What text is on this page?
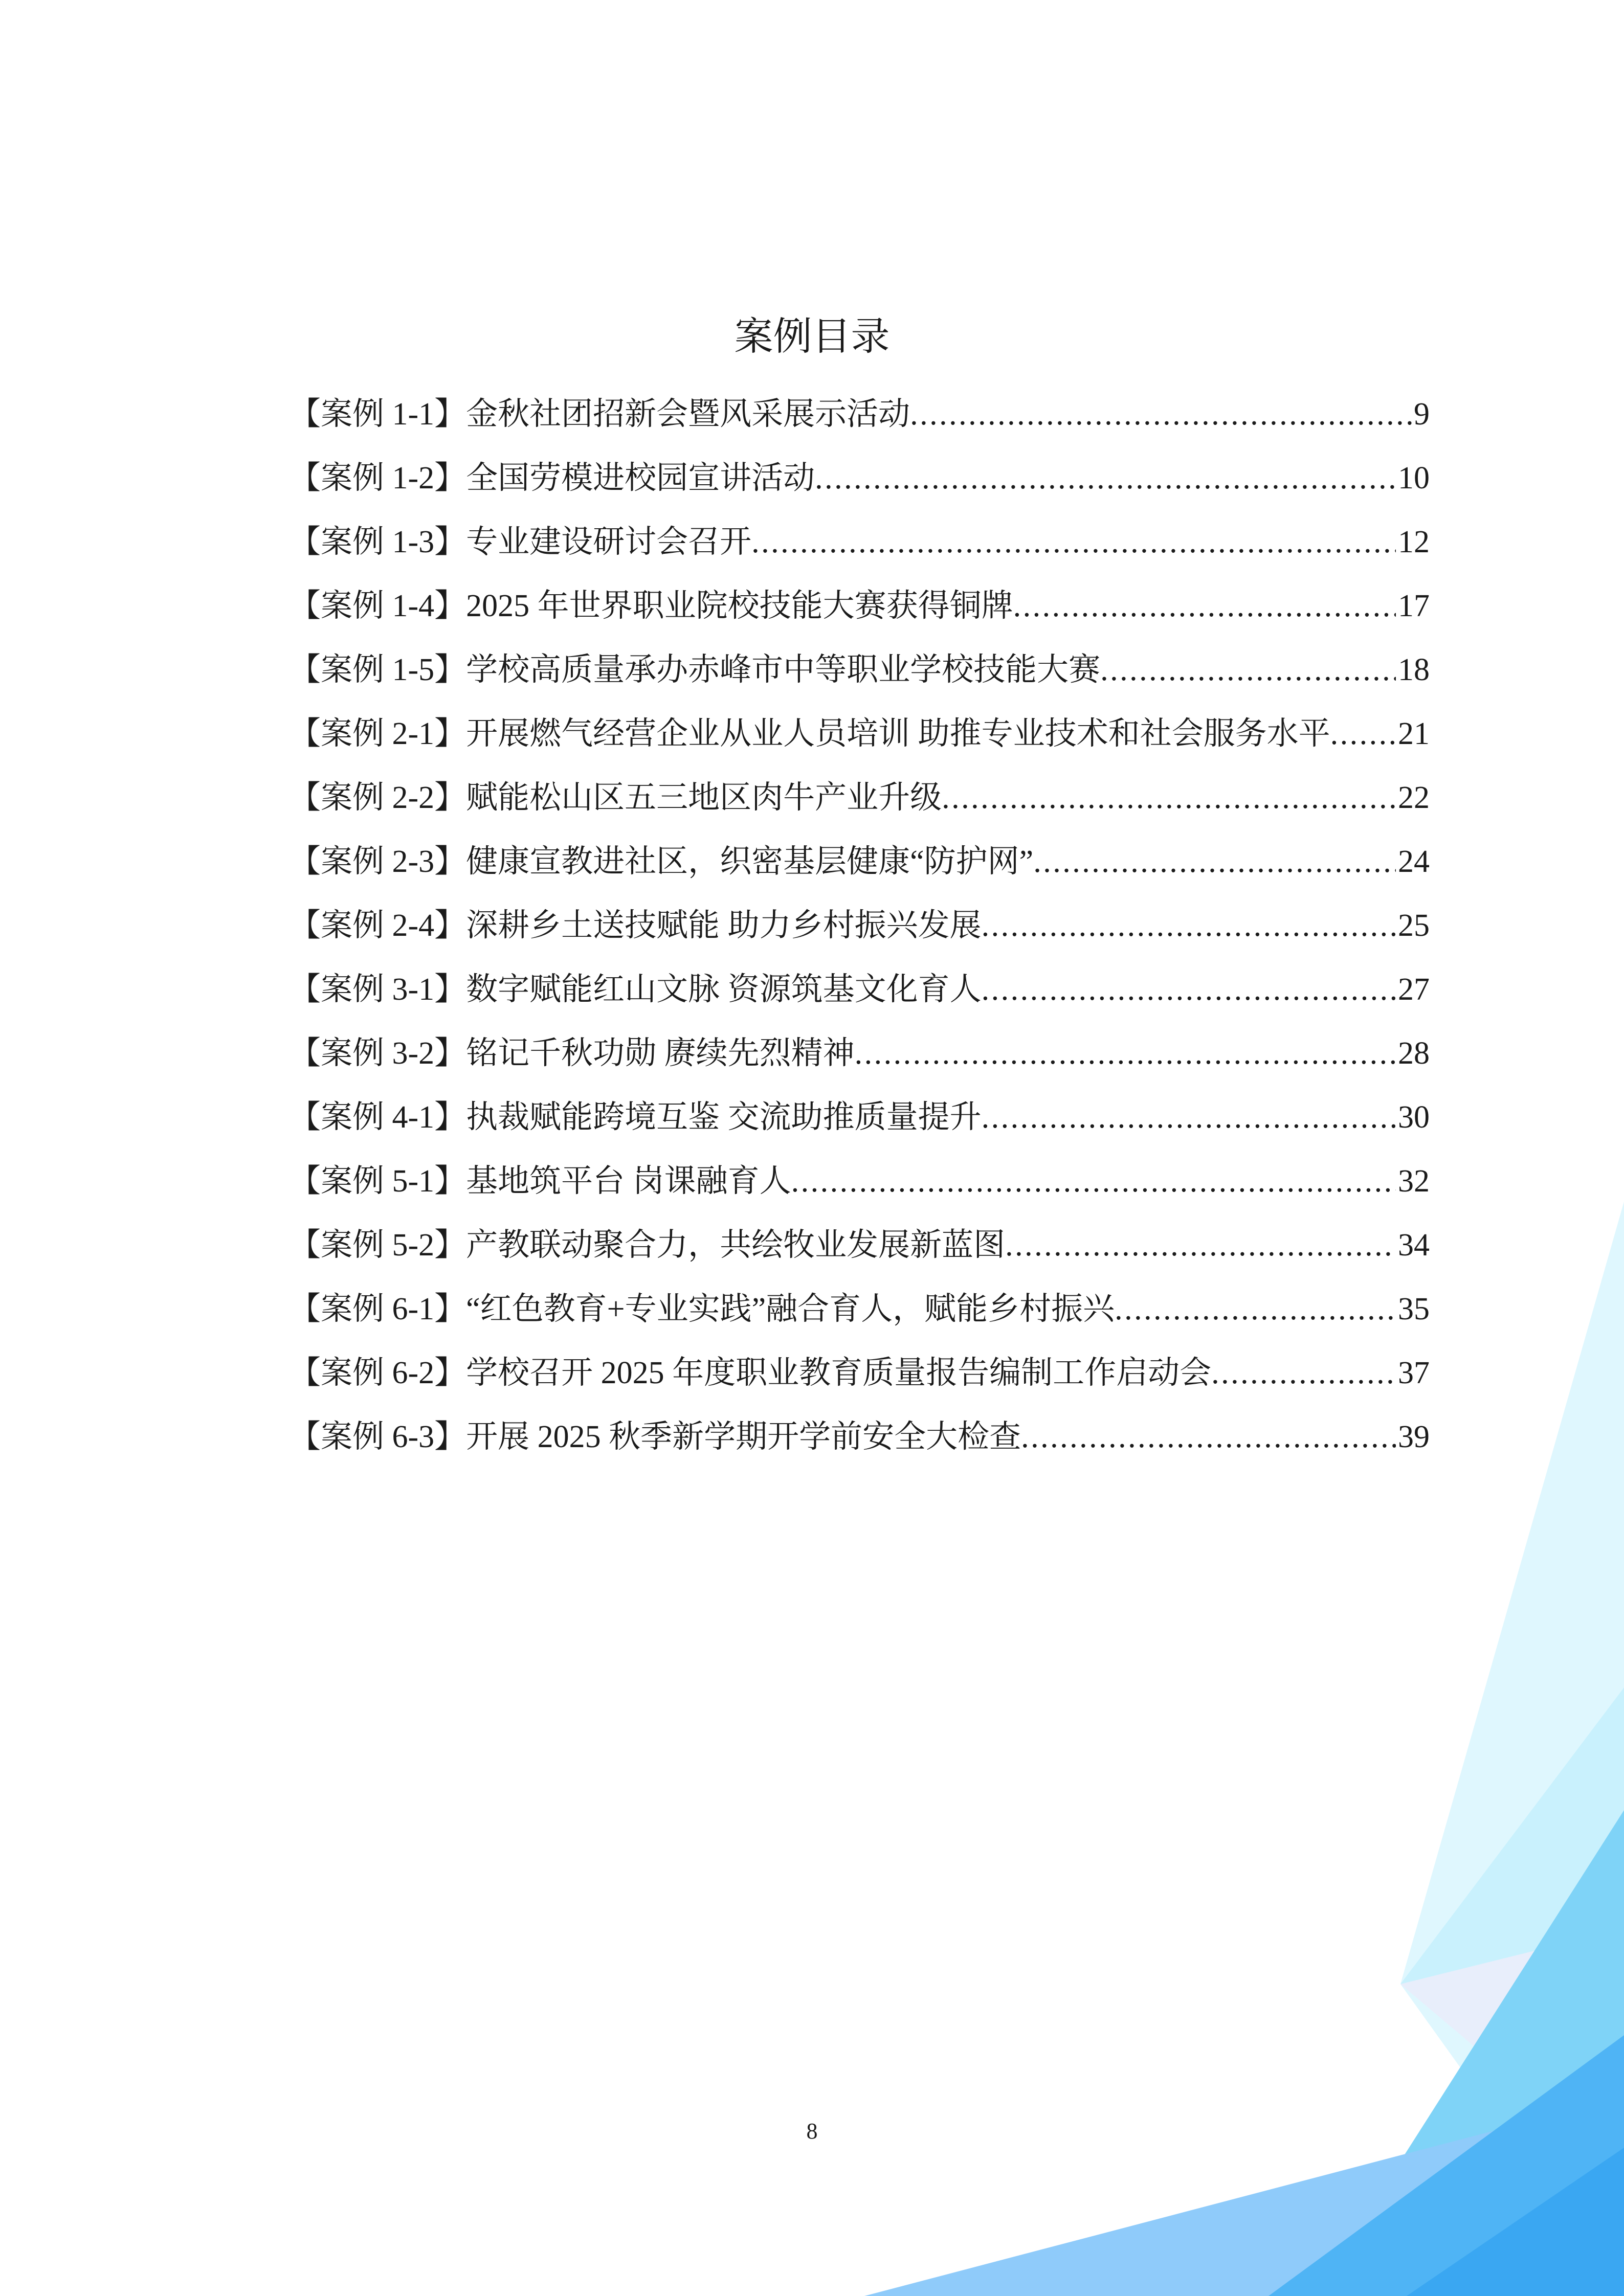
案例目录
【案例 1-1】金秋社团招新会暨风采展示活动 . . .	9
【案例 1-2】全国劳模进校园宣讲活动 . . .	10
【案例 1-3】专业建设研讨会召开 . . .	12
【案例 1-4】2025 年世界职业院校技能大赛获得铜牌 . . .	17
【案例 1-5】学校高质量承办赤峰市中等职业学校技能大赛 . . .	18
【案例 2-1】开展燃气经营企业从业人员培训 助推专业技术和社会服务水平 . . . 21
【案例 2-2】赋能松山区五三地区肉牛产业升级 . . .	22
【案例 2-3】健康宣教进社区，织密基层健康“防护网” . . .	24
【案例 2-4】深耕乡土送技赋能 助力乡村振兴发展 . . .	25
【案例 3-1】数字赋能红山文脉 资源筑基文化育人 . . .	27
【案例 3-2】铭记千秋功勋 赓续先烈精神 . . .	28
【案例 4-1】执裁赋能跨境互鉴 交流助推质量提升 . . .	30
【案例 5-1】基地筑平台 岗课融育人 . . .	32
【案例 5-2】产教联动聚合力，共绘牧业发展新蓝图 . . .	34
【案例 6-1】“红色教育+专业实践”融合育人，赋能乡村振兴 . . .	35
【案例 6-2】学校召开 2025 年度职业教育质量报告编制工作启动会 . . .	37
【案例 6-3】开展 2025 秋季新学期开学前安全大检查 . . .	39
8
